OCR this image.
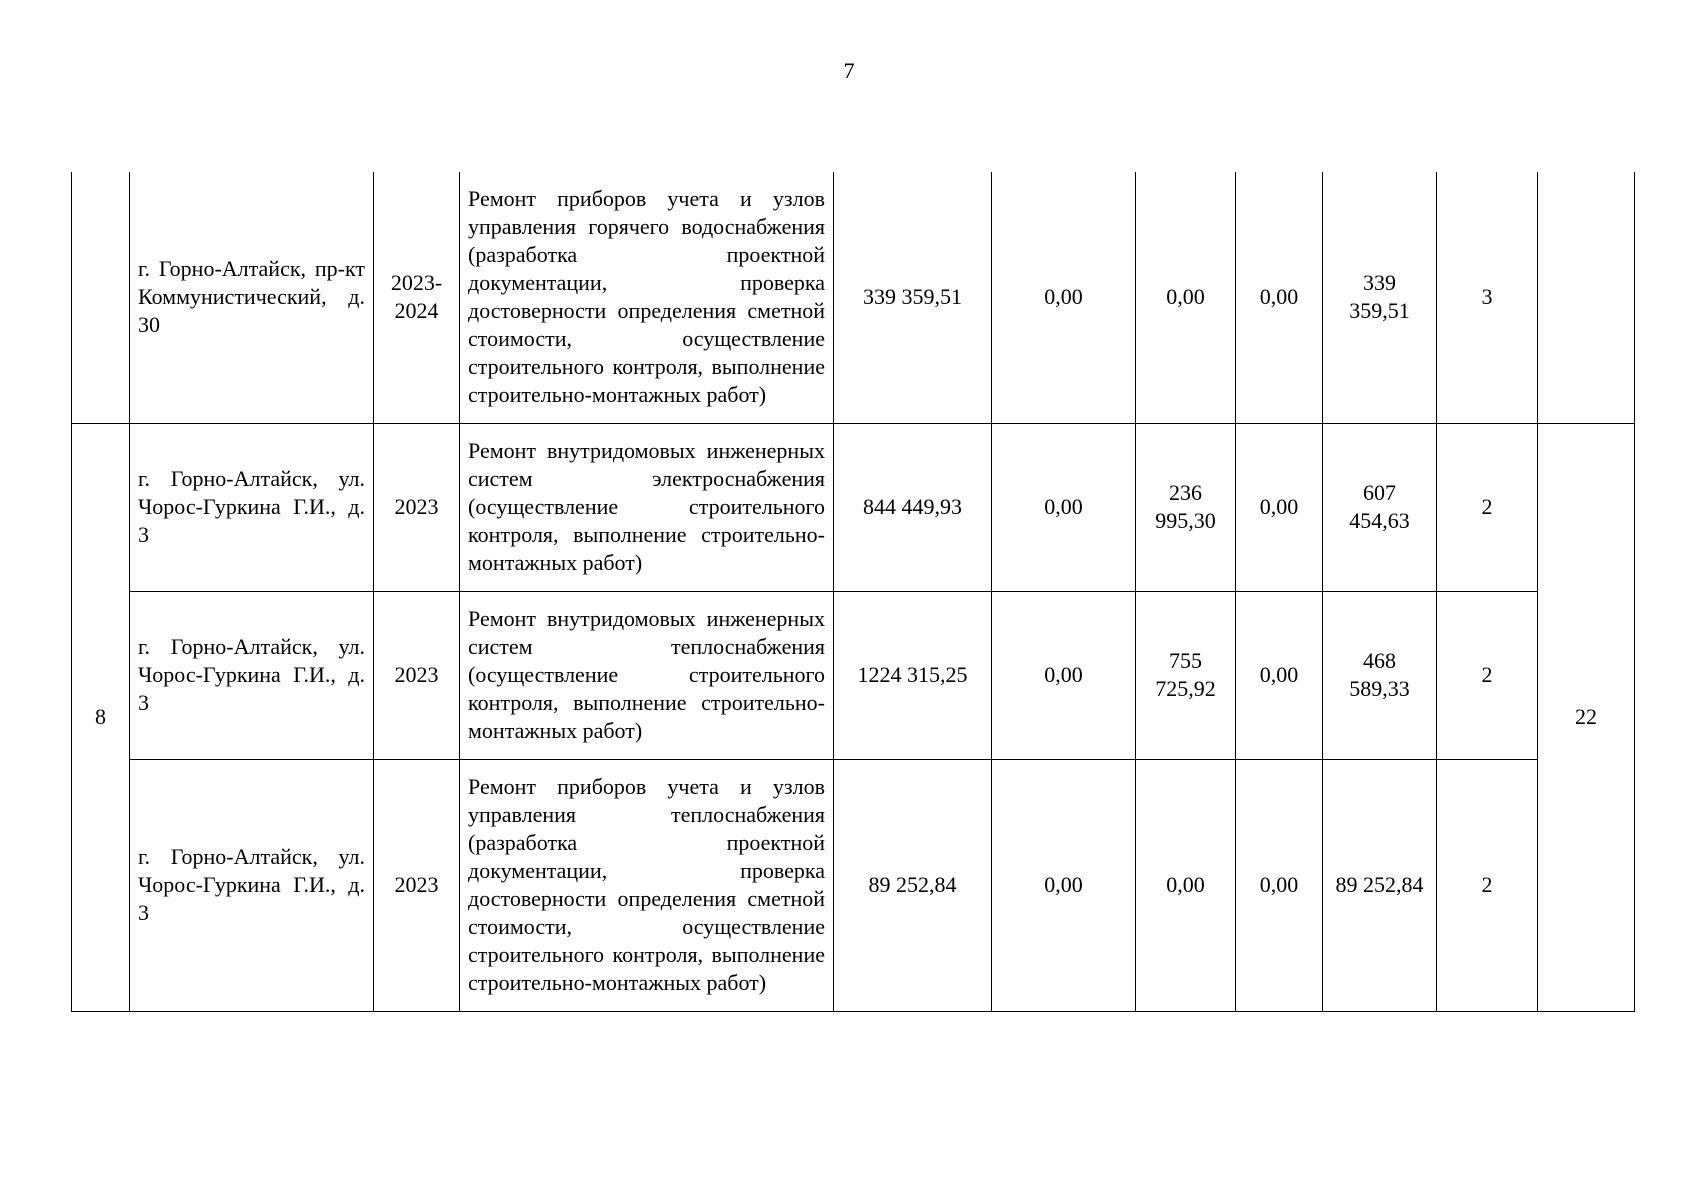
7
	г. Горно-Алтайск, пр-кт Коммунистический, д. 30	2023-2024	Ремонт приборов учета и узлов управления горячего водоснабжения (разработка проектной документации, проверка достоверности определения сметной стоимости, осуществление строительного контроля, выполнение строительно-монтажных работ)	339 359,51	0,00	0,00	0,00	339 359,51	3	
8	г. Горно-Алтайск, ул. Чорос-Гуркина Г.И., д. 3	2023	Ремонт внутридомовых инженерных систем электроснабжения (осуществление строительного контроля, выполнение строительно-монтажных работ)	844 449,93	0,00	236 995,30	0,00	607 454,63	2	22
	г. Горно-Алтайск, ул. Чорос-Гуркина Г.И., д. 3	2023	Ремонт внутридомовых инженерных систем теплоснабжения (осуществление строительного контроля, выполнение строительно-монтажных работ)	1224 315,25	0,00	755 725,92	0,00	468 589,33	2	
	г. Горно-Алтайск, ул. Чорос-Гуркина Г.И., д. 3	2023	Ремонт приборов учета и узлов управления теплоснабжения (разработка проектной документации, проверка достоверности определения сметной стоимости, осуществление строительного контроля, выполнение строительно-монтажных работ)	89 252,84	0,00	0,00	0,00	89 252,84	2	
